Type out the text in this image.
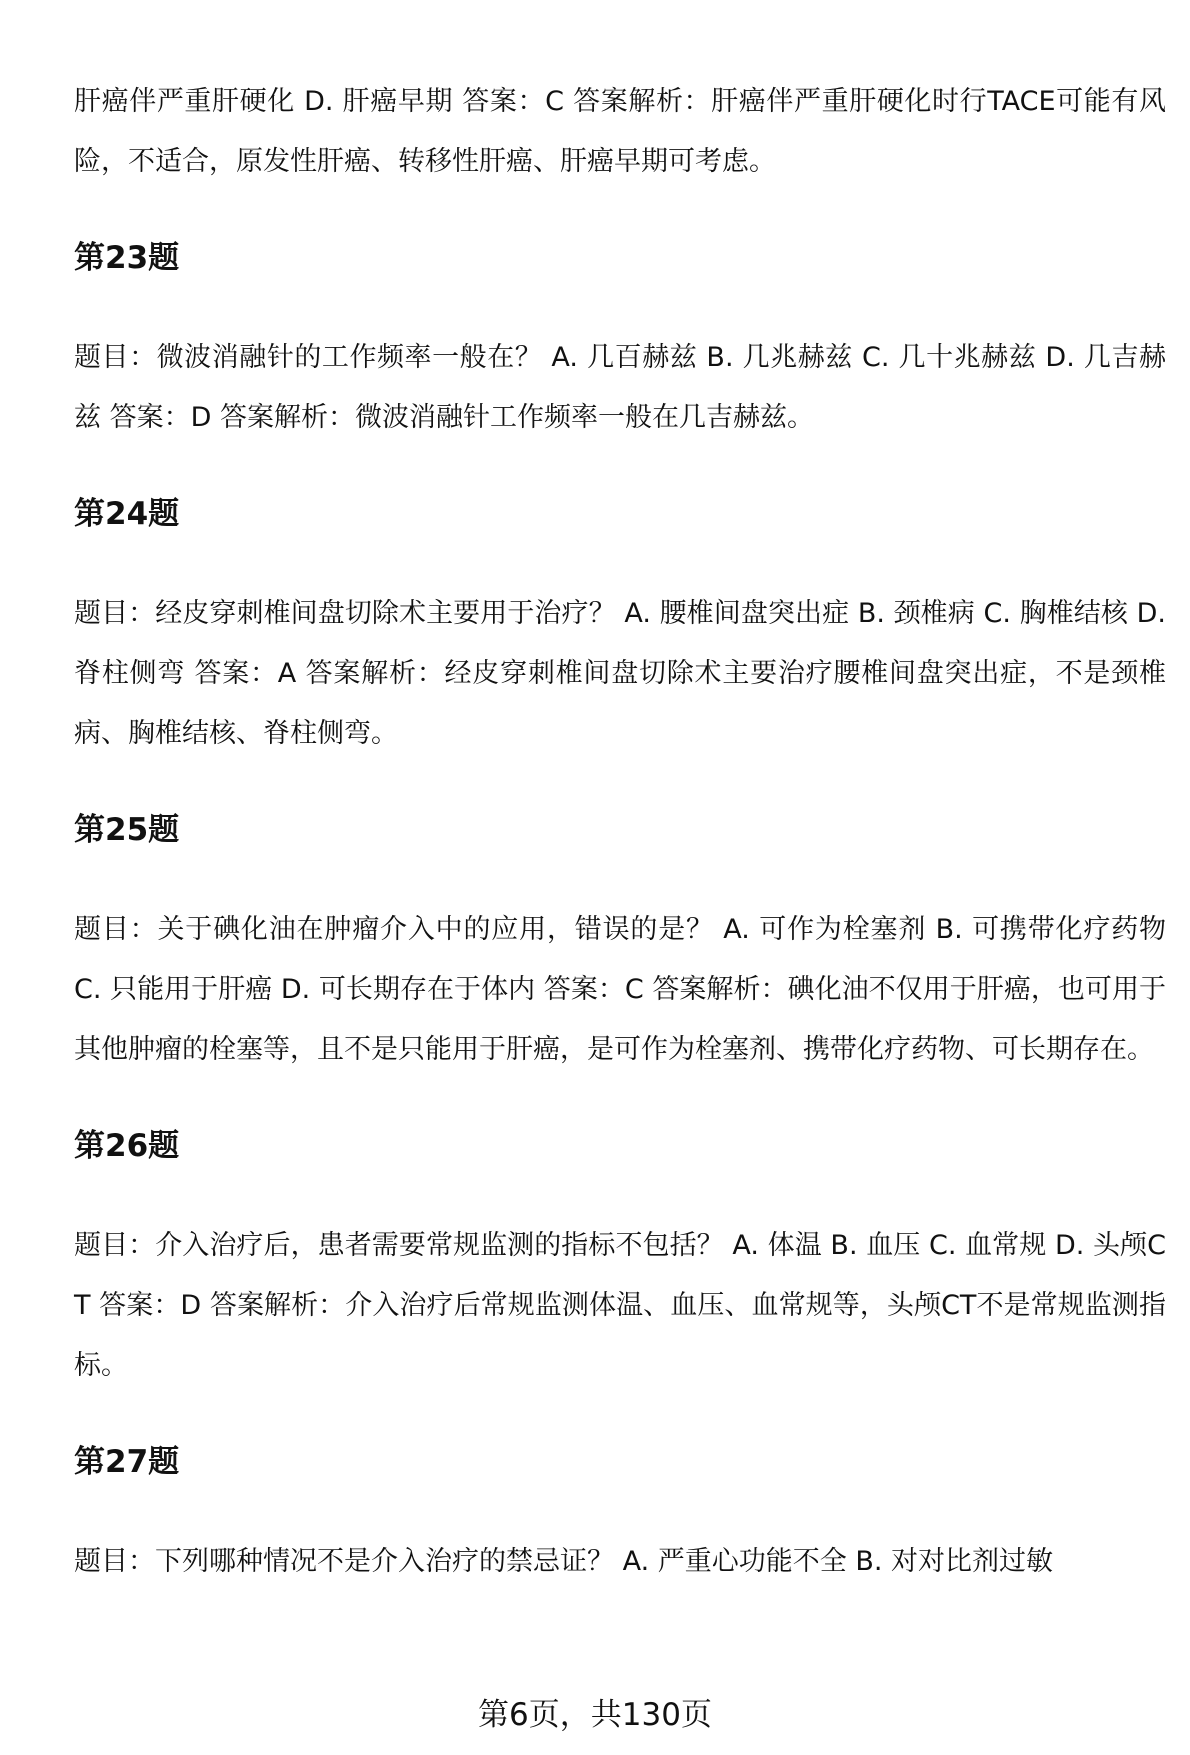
肝癌伴严重肝硬化 D. 肝癌早期 答案：C 答案解析：肝癌伴严重肝硬化时行TACE可能有风险，不适合，原发性肝癌、转移性肝癌、肝癌早期可考虑。

第23题

题目：微波消融针的工作频率一般在？ A. 几百赫兹 B. 几兆赫兹 C. 几十兆赫兹 D. 几吉赫兹 答案：D 答案解析：微波消融针工作频率一般在几吉赫兹。

第24题

题目：经皮穿刺椎间盘切除术主要用于治疗？ A. 腰椎间盘突出症 B. 颈椎病 C. 胸椎结核 D. 脊柱侧弯 答案：A 答案解析：经皮穿刺椎间盘切除术主要治疗腰椎间盘突出症，不是颈椎病、胸椎结核、脊柱侧弯。

第25题

题目：关于碘化油在肿瘤介入中的应用，错误的是？ A. 可作为栓塞剂 B. 可携带化疗药物 C. 只能用于肝癌 D. 可长期存在于体内 答案：C 答案解析：碘化油不仅用于肝癌，也可用于其他肿瘤的栓塞等，且不是只能用于肝癌，是可作为栓塞剂、携带化疗药物、可长期存在。

第26题

题目：介入治疗后，患者需要常规监测的指标不包括？ A. 体温 B. 血压 C. 血常规 D. 头颅CT 答案：D 答案解析：介入治疗后常规监测体温、血压、血常规等，头颅CT不是常规监测指标。

第27题

题目：下列哪种情况不是介入治疗的禁忌证？ A. 严重心功能不全 B. 对对比剂过敏

第6页，共130页
